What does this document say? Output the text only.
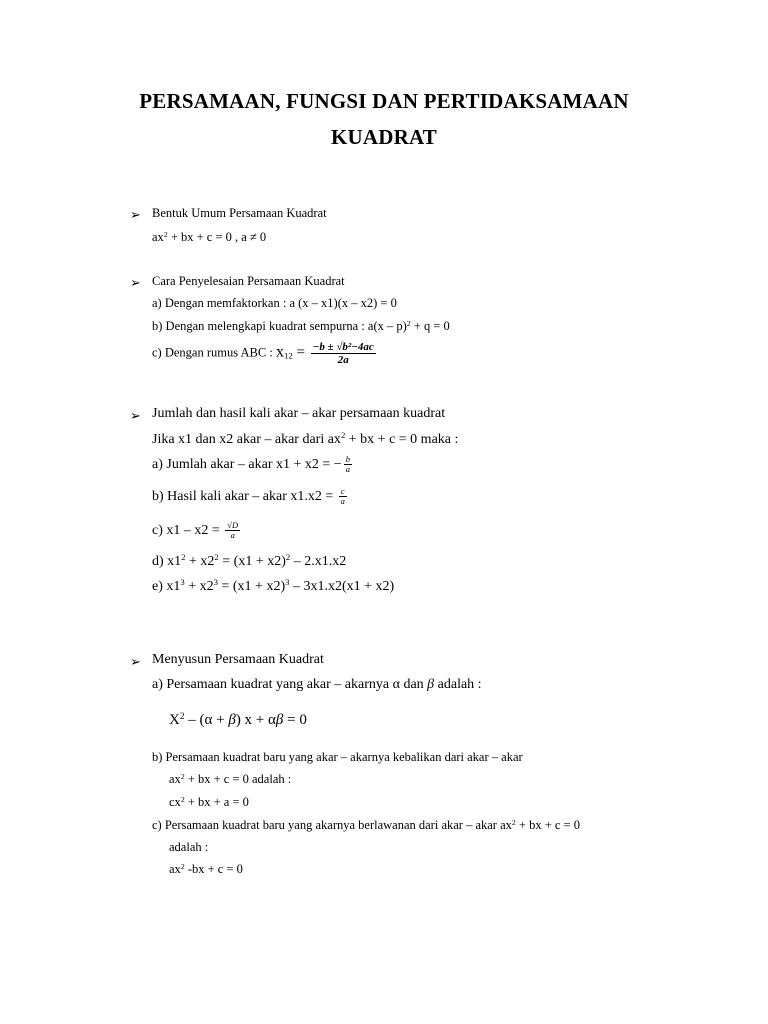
PERSAMAAN, FUNGSI DAN PERTIDAKSAMAAN
KUADRAT
➢ Bentuk Umum Persamaan Kuadrat
$ax^2$ + bx + c = 0 , a ≠ 0
➢ Cara Penyelesaian Persamaan Kuadrat
a) Dengan memfaktorkan : a (x – x1)(x – x2) = 0
b) Dengan melengkapi kuadrat sempurna : a(x – p)$^2$ + q = 0
c) Dengan rumus ABC : $x_{12} = \frac{\text{−b ± √b²−4ac}}{2a}$
➢ Jumlah dan hasil kali akar – akar persamaan kuadrat
Jika x1 dan x2 akar – akar dari $ax^2$ + bx + c = 0 maka :
a) Jumlah akar – akar x1 + x2 = − $\frac{b}{a}$
b) Hasil kali akar – akar $x1.x2 = \frac{c}{a}$
c) $x1 - x2 = \frac{√D}{a}$
d) $x1^2 + x2^2 = (x1 + x2)^2 - 2.x1.x2$
e) $x1^3 + x2^3 = (x1 + x2)^3 - 3x1.x2(x1 + x2)$
➢ Menyusun Persamaan Kuadrat
a) Persamaan kuadrat yang akar – akarnya α dan β adalah :
$X^2 - (\alpha + \beta) x + \alpha\beta = 0$
b) Persamaan kuadrat baru yang akar – akarnya kebalikan dari akar – akar
$ax^2$ + bx + c = 0 adalah :
$cx^2$ + bx + a = 0
c) Persamaan kuadrat baru yang akarnya berlawanan dari akar – akar $ax^2$ + bx + c = 0
adalah :
$ax^2$ -bx + c = 0
